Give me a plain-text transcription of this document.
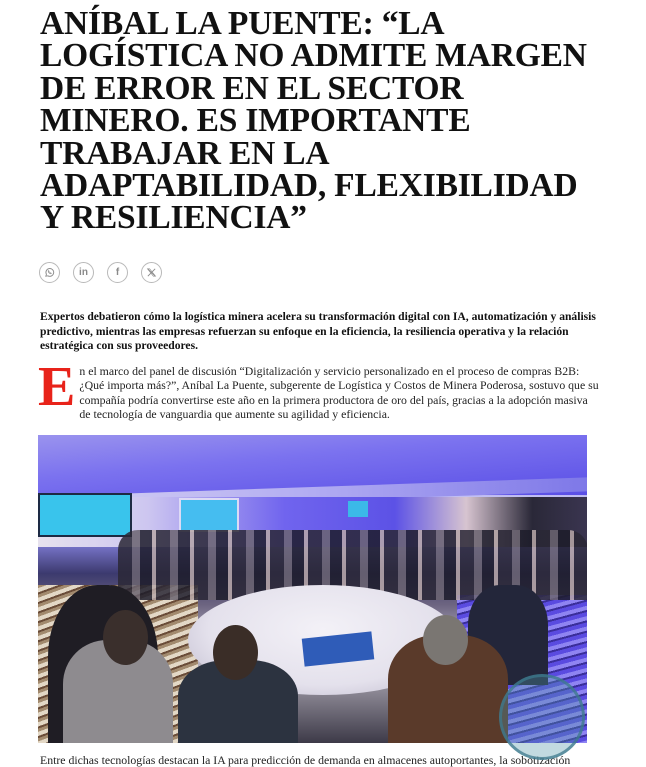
ANÍBAL LA PUENTE: “LA LOGÍSTICA NO ADMITE MARGEN DE ERROR EN EL SECTOR MINERO. ES IMPORTANTE TRABAJAR EN LA ADAPTABILIDAD, FLEXIBILIDAD Y RESILIENCIA”
in	f

Expertos debatieron cómo la logística minera acelera su transformación digital con IA, automatización y análisis predictivo, mientras las empresas refuerzan su enfoque en la eficiencia, la resiliencia operativa y la relación estratégica con sus proveedores.

En el marco del panel de discusión “Digitalización y servicio personalizado en el proceso de compras B2B: ¿Qué importa más?”, Aníbal La Puente, subgerente de Logística y Costos de Minera Poderosa, sostuvo que su compañía podría convertirse este año en la primera productora de oro del país, gracias a la adopción masiva de tecnología de vanguardia que aumente su agilidad y eficiencia.

Entre dichas tecnologías destacan la IA para predicción de demanda en almacenes autoportantes, la sobotización
